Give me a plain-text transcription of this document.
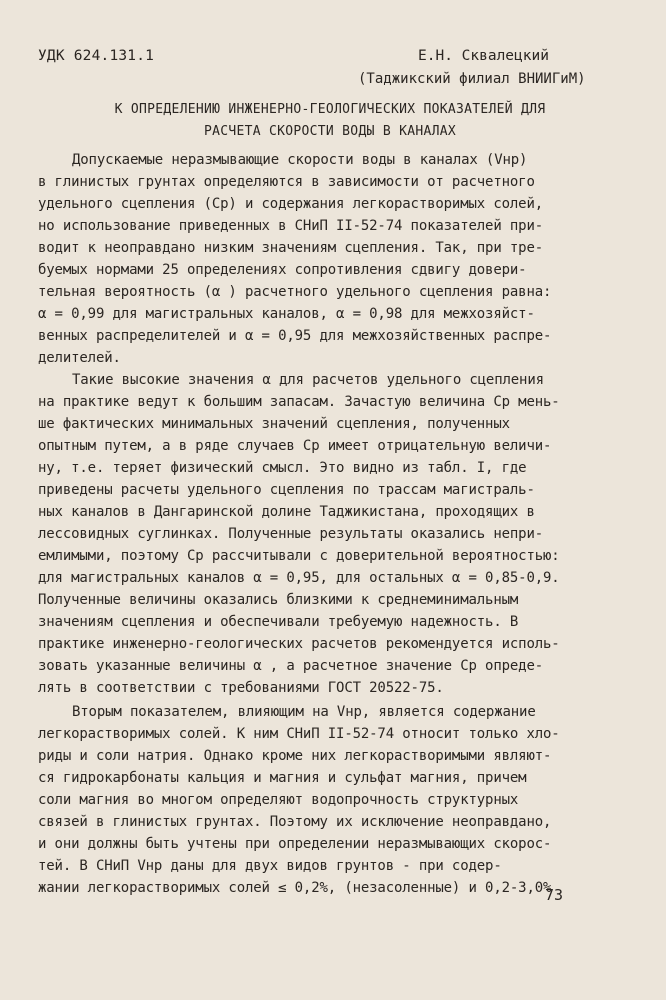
УДК 624.131.1	Е.Н. Сквалецкий
(Таджикский филиал ВНИИГиМ)
К ОПРЕДЕЛЕНИЮ ИНЖЕНЕРНО-ГЕОЛОГИЧЕСКИХ ПОКАЗАТЕЛЕЙ ДЛЯ
РАСЧЕТА СКОРОСТИ ВОДЫ В КАНАЛАХ
Допускаемые неразмывающие скорости воды в каналах (Vнр)
в глинистых грунтах определяются в зависимости от расчетного
удельного сцепления (Ср) и содержания легкорастворимых солей,
но использование приведенных в СНиП II-52-74 показателей при-
водит к неоправдано низким значениям сцепления. Так, при тре-
буемых нормами 25 определениях сопротивления сдвигу довери-
тельная вероятность (α ) расчетного удельного сцепления равна:
α = 0,99 для магистральных каналов, α = 0,98 для межхозяйст-
венных распределителей и α = 0,95 для межхозяйственных распре-
делителей.
Такие высокие значения α для расчетов удельного сцепления
на практике ведут к большим запасам. Зачастую величина Ср мень-
ше фактических минимальных значений сцепления, полученных
опытным путем, а в ряде случаев Ср имеет отрицательную величи-
ну, т.е. теряет физический смысл. Это видно из табл. I, где
приведены расчеты удельного сцепления по трассам магистраль-
ных каналов в Дангаринской долине Таджикистана, проходящих в
лессовидных суглинках. Полученные результаты оказались непри-
емлимыми, поэтому Ср рассчитывали с доверительной вероятностью:
для магистральных каналов α = 0,95, для остальных α = 0,85-0,9.
Полученные величины оказались близкими к среднеминимальным
значениям сцепления и обеспечивали требуемую надежность. В
практике инженерно-геологических расчетов рекомендуется исполь-
зовать указанные величины α , а расчетное значение Ср опреде-
лять в соответствии с требованиями ГОСТ 20522-75.
Вторым показателем, влияющим на Vнр, является содержание
легкорастворимых солей. К ним СНиП II-52-74 относит только хло-
риды и соли натрия. Однако кроме них легкорастворимыми являют-
ся гидрокарбонаты кальция и магния и сульфат магния, причем
соли магния во многом определяют водопрочность структурных
связей в глинистых грунтах. Поэтому их исключение неоправдано,
и они должны быть учтены при определении неразмывающих скорос-
тей. В СНиП Vнр даны для двух видов грунтов - при содер-
жании легкорастворимых солей ≤ 0,2%, (незасоленные) и 0,2-3,0%
73
